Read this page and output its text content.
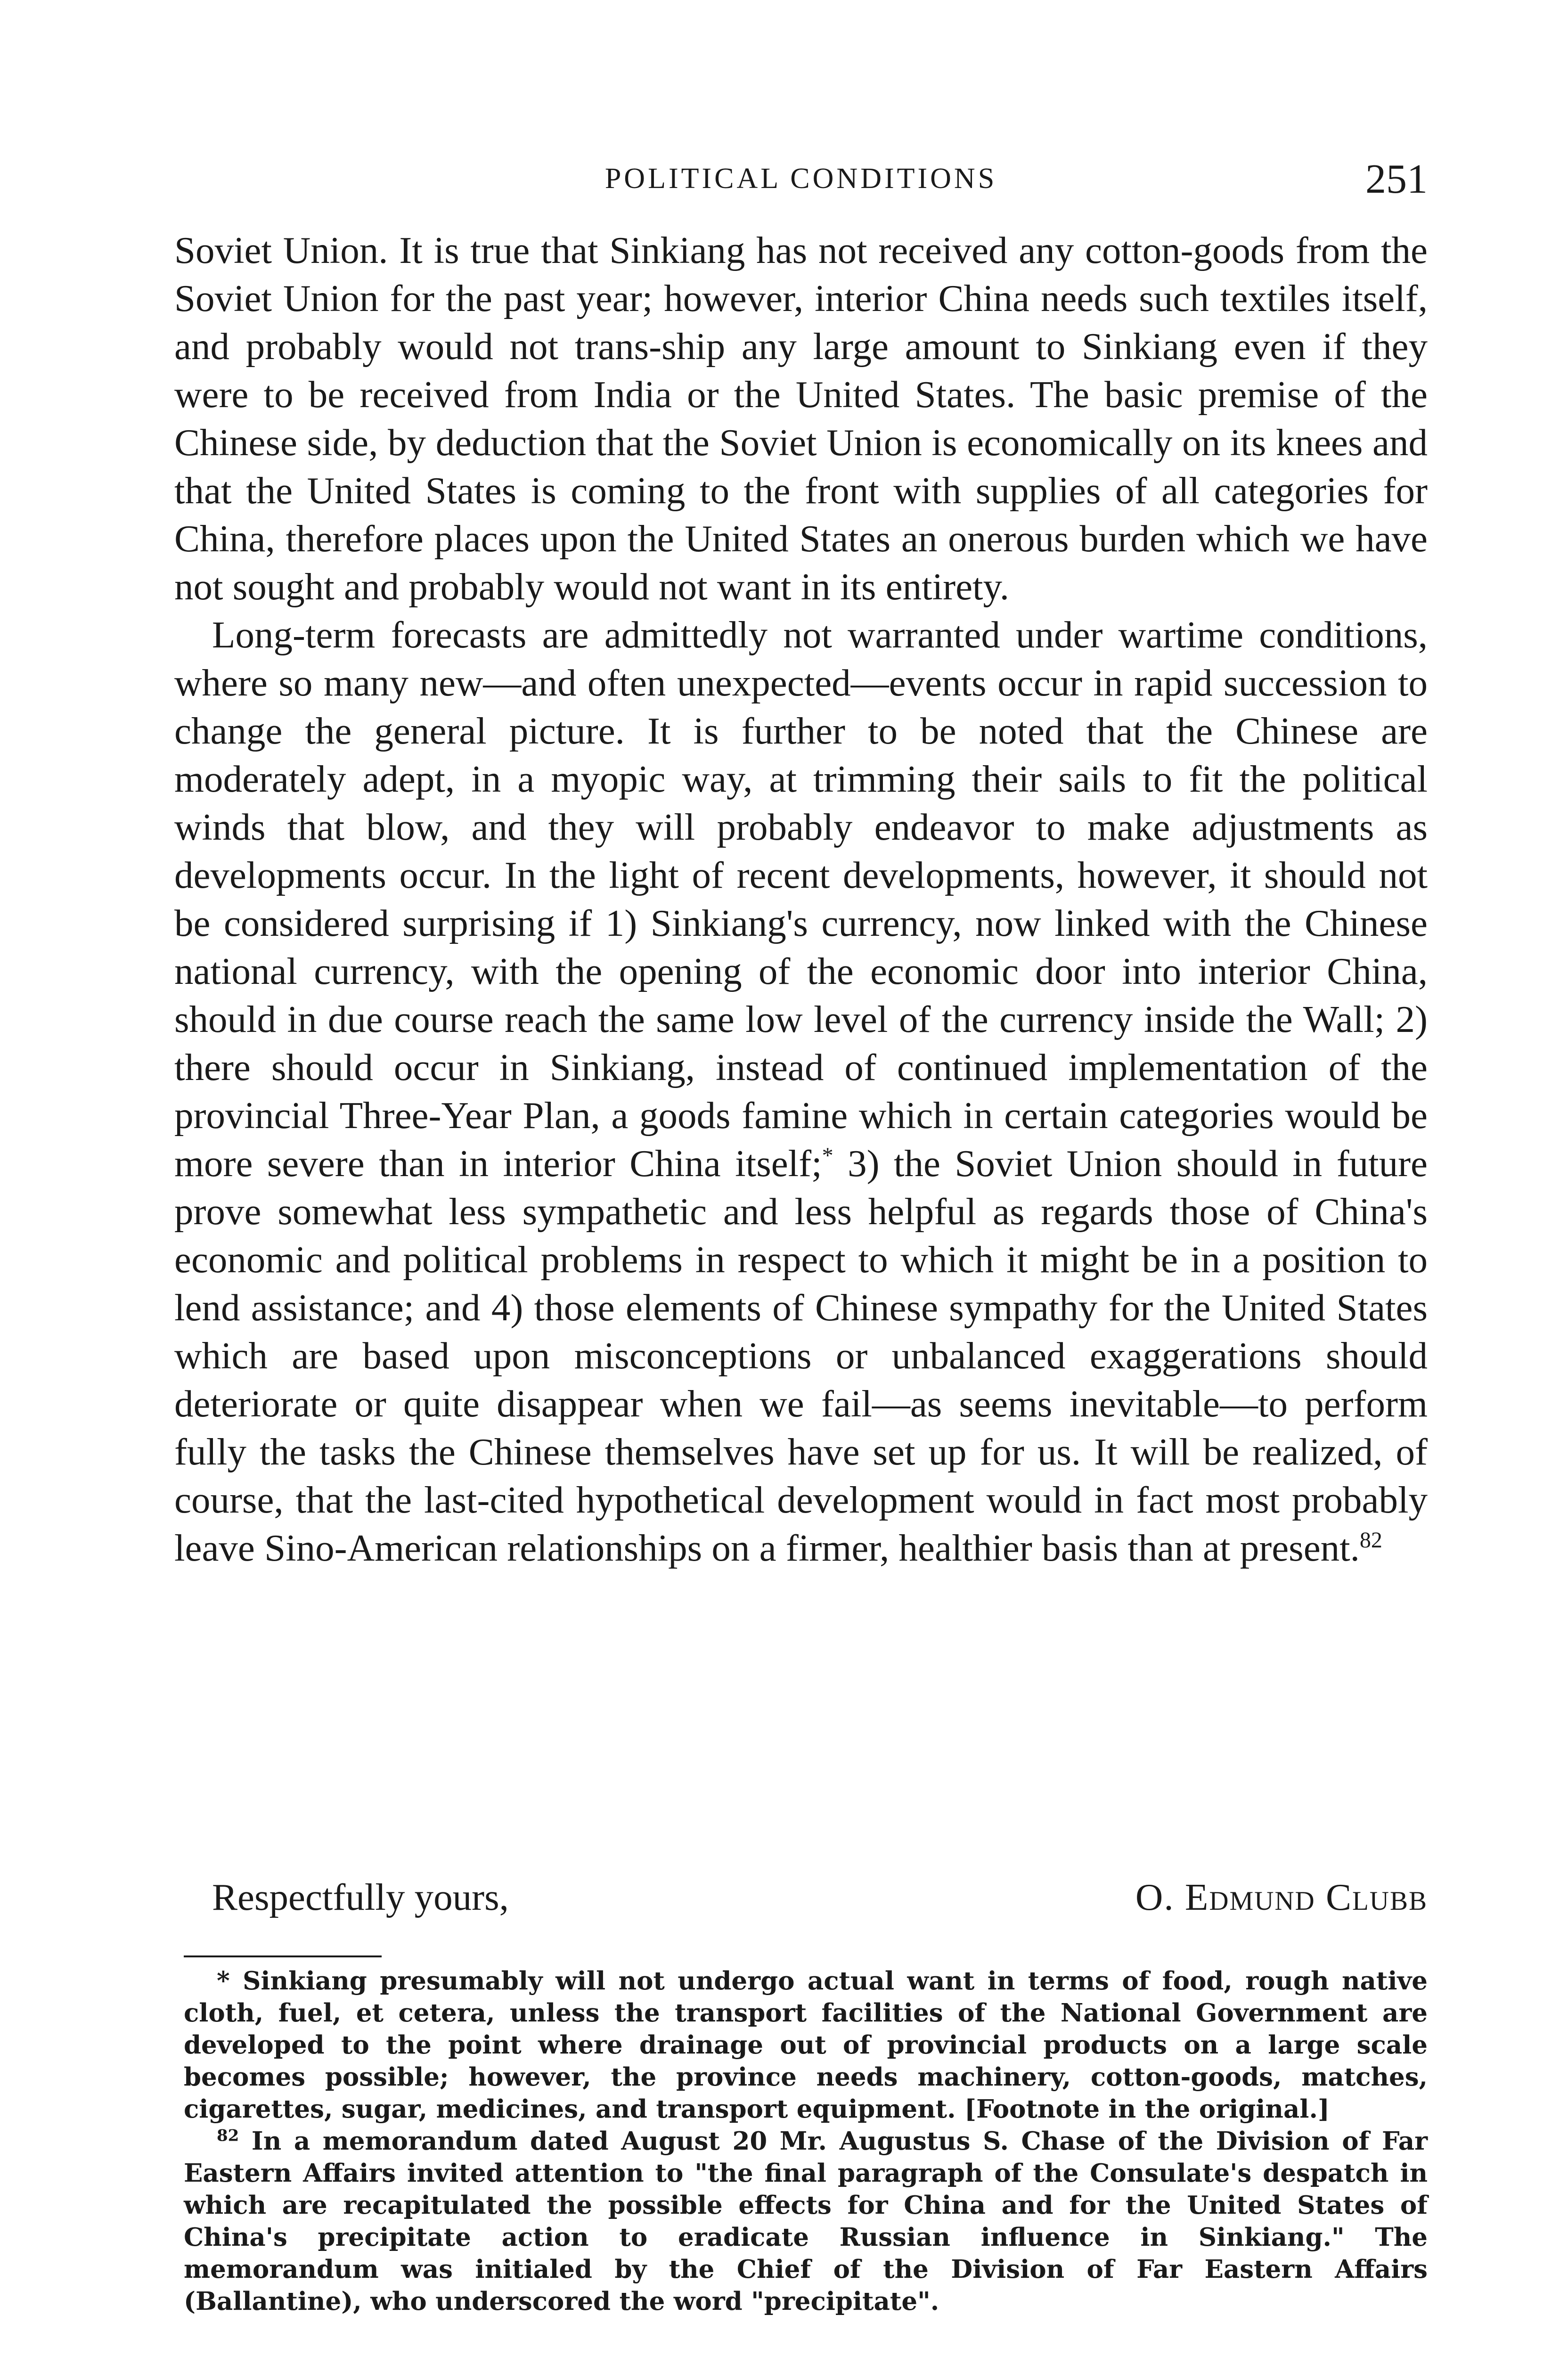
POLITICAL CONDITIONS	251

Soviet Union. It is true that Sinkiang has not received any cotton-goods from the Soviet Union for the past year; however, interior China needs such textiles itself, and probably would not trans-ship any large amount to Sinkiang even if they were to be received from India or the United States. The basic premise of the Chinese side, by deduction that the Soviet Union is economically on its knees and that the United States is coming to the front with supplies of all categories for China, therefore places upon the United States an onerous burden which we have not sought and probably would not want in its entirety.

Long-term forecasts are admittedly not warranted under wartime conditions, where so many new—and often unexpected—events occur in rapid succession to change the general picture. It is further to be noted that the Chinese are moderately adept, in a myopic way, at trimming their sails to fit the political winds that blow, and they will probably endeavor to make adjustments as developments occur. In the light of recent developments, however, it should not be considered surprising if 1) Sinkiang's currency, now linked with the Chinese national currency, with the opening of the economic door into interior China, should in due course reach the same low level of the currency inside the Wall; 2) there should occur in Sinkiang, instead of continued implementation of the provincial Three-Year Plan, a goods famine which in certain categories would be more severe than in interior China itself;* 3) the Soviet Union should in future prove somewhat less sympathetic and less helpful as regards those of China's economic and political problems in respect to which it might be in a position to lend assistance; and 4) those elements of Chinese sympathy for the United States which are based upon misconceptions or unbalanced exaggerations should deteriorate or quite disappear when we fail—as seems inevitable—to perform fully the tasks the Chinese themselves have set up for us. It will be realized, of course, that the last-cited hypothetical development would in fact most probably leave Sino-American relationships on a firmer, healthier basis than at present.$^{82}$

Respectfully yours,	O. Edmund Clubb

* Sinkiang presumably will not undergo actual want in terms of food, rough native cloth, fuel, et cetera, unless the transport facilities of the National Government are developed to the point where drainage out of provincial products on a large scale becomes possible; however, the province needs machinery, cotton-goods, matches, cigarettes, sugar, medicines, and transport equipment. [Footnote in the original.]

$^{82}$ In a memorandum dated August 20 Mr. Augustus S. Chase of the Division of Far Eastern Affairs invited attention to "the final paragraph of the Consulate's despatch in which are recapitulated the possible effects for China and for the United States of China's precipitate action to eradicate Russian influence in Sinkiang." The memorandum was initialed by the Chief of the Division of Far Eastern Affairs (Ballantine), who underscored the word "precipitate".
